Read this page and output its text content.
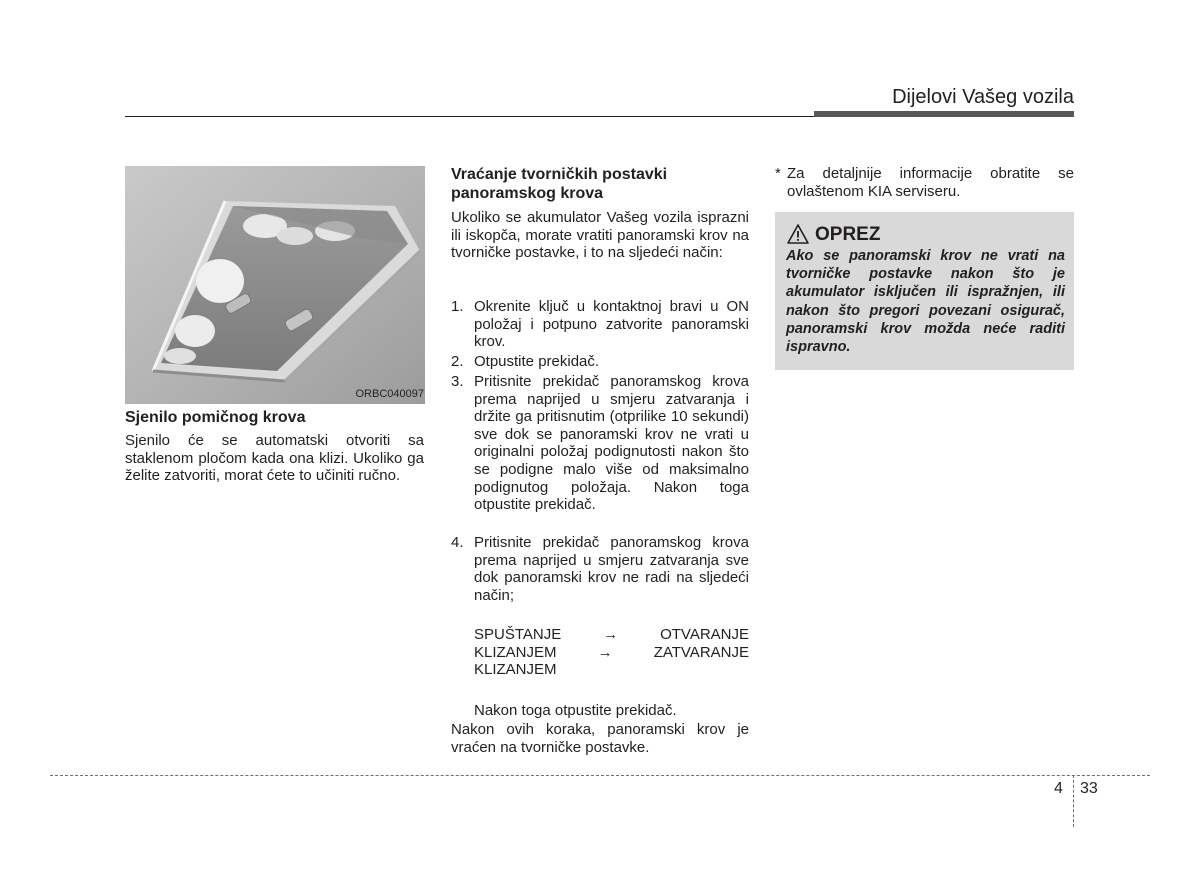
Dijelovi Vašeg vozila
ORBC040097
Sjenilo pomičnog krova
Sjenilo će se automatski otvoriti sa staklenom pločom kada ona klizi. Ukoliko ga želite zatvoriti, morat ćete to učiniti ručno.
Vraćanje tvorničkih postavki panoramskog krova
Ukoliko se akumulator Vašeg vozila isprazni ili iskopča, morate vratiti panoramski krov na tvorničke postavke, i to na sljedeći način:
1. Okrenite ključ u kontaktnoj bravi u ON položaj i potpuno zatvorite panoramski krov.
2. Otpustite prekidač.
3. Pritisnite prekidač panoramskog krova prema naprijed u smjeru zatvaranja i držite ga pritisnutim (otprilike 10 sekundi) sve dok se panoramski krov ne vrati u originalni položaj podignutosti nakon što se podigne malo više od maksimalno podignutog položaja. Nakon toga otpustite prekidač.
4. Pritisnite prekidač panoramskog krova prema naprijed u smjeru zatvaranja sve dok panoramski krov ne radi na sljedeći način;
SPUŠTANJE	→	OTVARANJE
KLIZANJEM	→	ZATVARANJE
KLIZANJEM
Nakon toga otpustite prekidač.
Nakon ovih koraka, panoramski krov je vraćen na tvorničke postavke.
* Za detaljnije informacije obratite se ovlaštenom KIA serviseru.
OPREZ
Ako se panoramski krov ne vrati na tvorničke postavke nakon što je akumulator isključen ili ispražnjen, ili nakon što pregori povezani osigurač, panoramski krov možda neće raditi ispravno.
4 33
